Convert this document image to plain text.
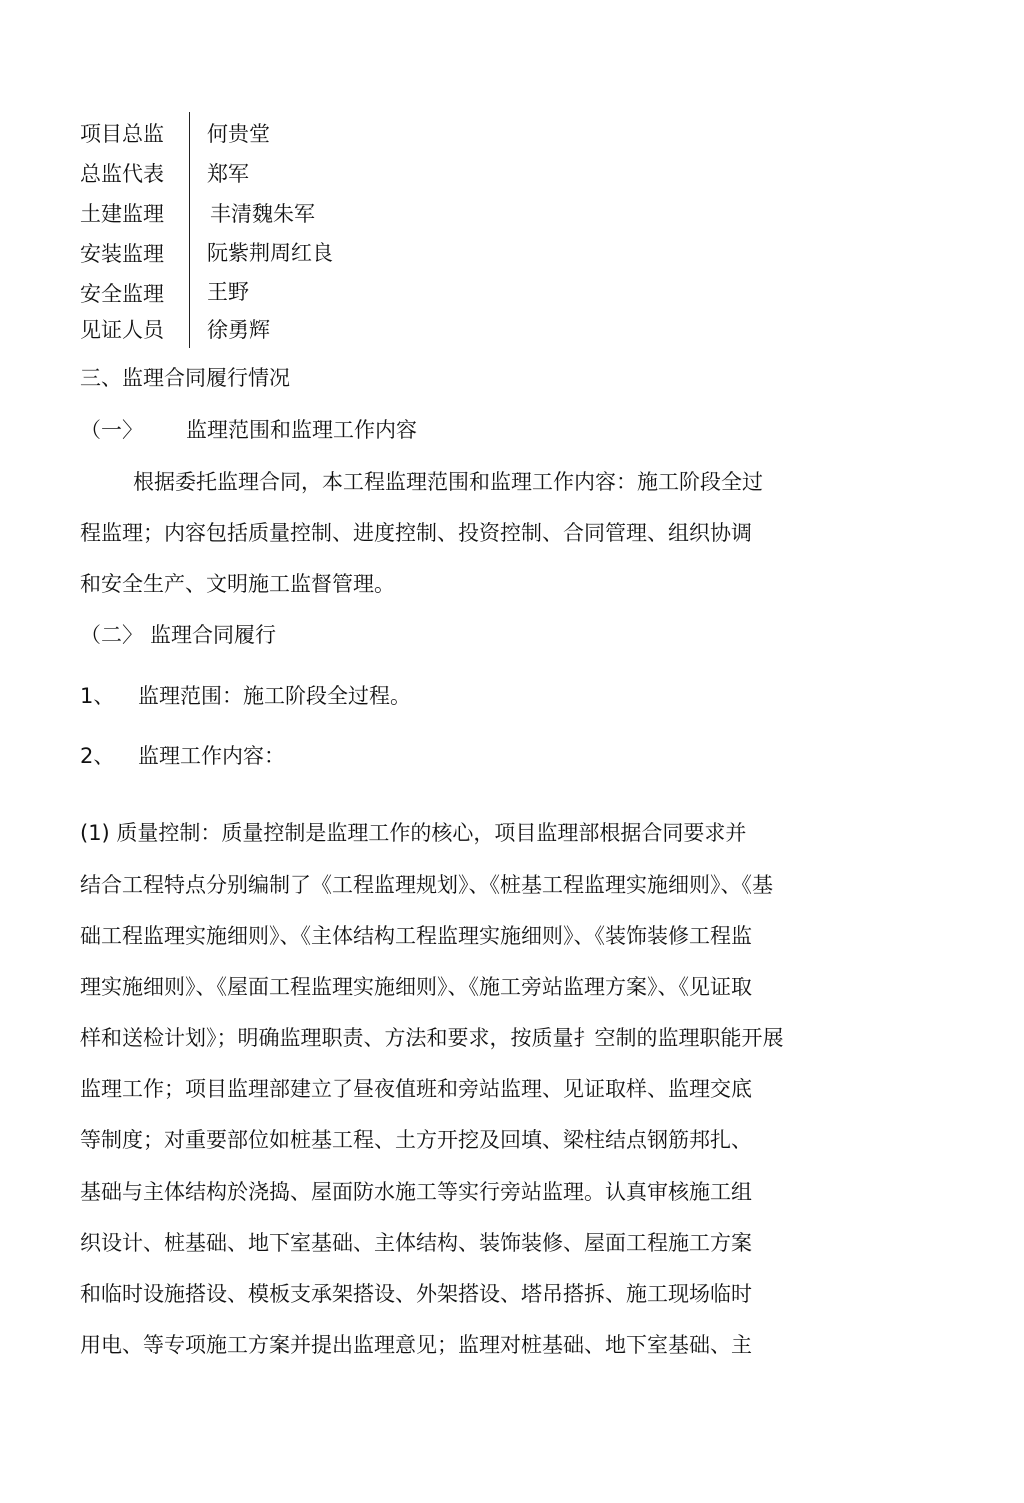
项目总监 何贵堂
总监代表 郑军
土建监理 丰清魏朱军
安装监理 阮紫荆周红良
安全监理 王野
见证人员 徐勇辉
三、监理合同履行情况
（一〉 监理范围和监理工作内容
根据委托监理合同，本工程监理范围和监理工作内容：施工阶段全过
程监理；内容包括质量控制、进度控制、投资控制、合同管理、组织协调
和安全生产、文明施工监督管理。
（二〉 监理合同履行
1、 监理范围：施工阶段全过程。
2、 监理工作内容：
(1) 质量控制：质量控制是监理工作的核心，项目监理部根据合同要求并
结合工程特点分别编制了《工程监理规划》、《桩基工程监理实施细则》、《基
础工程监理实施细则》、《主体结构工程监理实施细则》、《装饰装修工程监
理实施细则》、《屋面工程监理实施细则》、《施工旁站监理方案》、《见证取
样和送检计划》；明确监理职责、方法和要求，按质量扌空制的监理职能开展
监理工作；项目监理部建立了昼夜值班和旁站监理、见证取样、监理交底
等制度；对重要部位如桩基工程、土方开挖及回填、梁柱结点钢筋邦扎、
基础与主体结构於浇捣、屋面防水施工等实行旁站监理。认真审核施工组
织设计、桩基础、地下室基础、主体结构、装饰装修、屋面工程施工方案
和临时设施搭设、模板支承架搭设、外架搭设、塔吊搭拆、施工现场临时
用电、等专项施工方案并提出监理意见；监理对桩基础、地下室基础、主
